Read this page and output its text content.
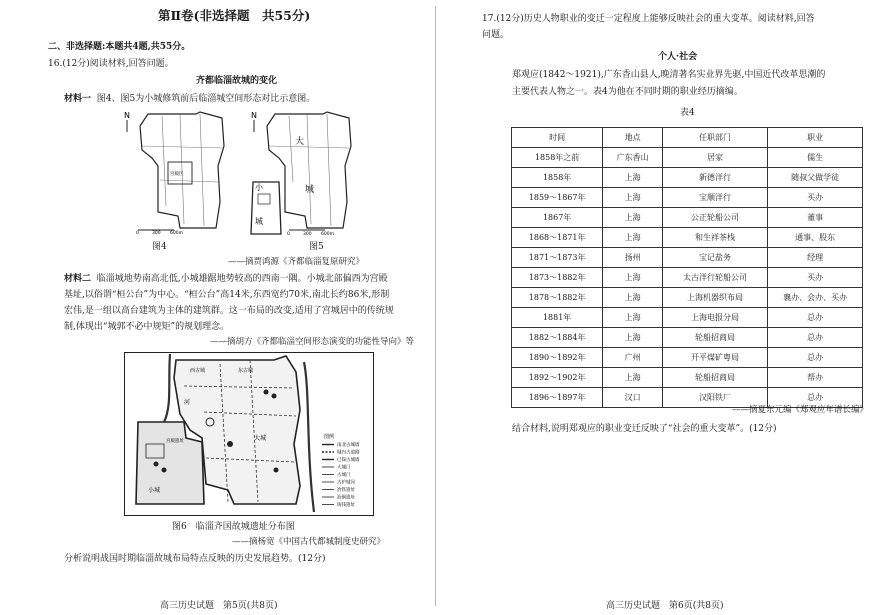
第Ⅱ卷(非选择题　共55分)
二、非选择题:本题共4题,共55分。
16.(12分)阅读材料,回答问题。
齐都临淄故城的变化
材料一 图4、图5为小城修筑前后临淄城空间形态对比示意图。
N
宫殿区
0	300 600m
图4
N
大
城
小
城
0	300 600m
图5
——摘贾鸿源《齐都临淄复原研究》
材料二 临淄城地势南高北低,小城雄踞地势较高的西南一隅。小城北部偏西为宫殿
基址,以俗谓“桓公台”为中心。“桓公台”高14米,东西宽约70米,南北长约86米,形制
宏伟,是一组以高台建筑为主体的建筑群。这一布局的改变,适用了宫城居中的传统规
制,体现出“城郭不必中规矩”的规划理念。
——摘胡方《齐都临淄空间形态演变的功能性导向》等
西古城	东古城
河
宫殿遗址
小城
大城	图例
南北古城墙
城内古道路
已探古城墙
大城门
古城门
古护城河
冶铁遗址
冶铜遗址
铸钱遗址
图6　临淄齐国故城遗址分布图
——摘杨宽《中国古代都城制度史研究》
分析说明战国时期临淄故城布局特点反映的历史发展趋势。(12分)
高三历史试题　第5页(共8页)
17.(12分)历史人物职业的变迁一定程度上能够反映社会的重大变革。阅读材料,回答
问题。
个人·社会
郑观应(1842～1921),广东香山县人,晚清著名实业界先驱,中国近代改革思潮的
主要代表人物之一。表4为他在不同时期的职业经历摘编。
表4
时间	地点	任职部门	职业
1858年之前	广东香山	居家	儒生
1858年	上海	新德洋行	随叔父做学徒
1859～1867年	上海	宝顺洋行	买办
1867年	上海	公正轮船公司	董事
1868～1871年	上海	和生祥茶栈	通事、股东
1871～1873年	扬州	宝记盐务	经理
1873～1882年	上海	太古洋行轮船公司	买办
1878～1882年	上海	上海机器织布局	襄办、会办、买办
1881年	上海	上海电报分局	总办
1882～1884年	上海	轮船招商局	总办
1890～1892年	广州	开平煤矿粤局	总办
1892～1902年	上海	轮船招商局	帮办
1896～1897年	汉口	汉阳铁厂	总办
——摘夏东元编《郑观应年谱长编》
结合材料,说明郑观应的职业变迁反映了“社会的重大变革”。(12分)
高三历史试题　第6页(共8页)
